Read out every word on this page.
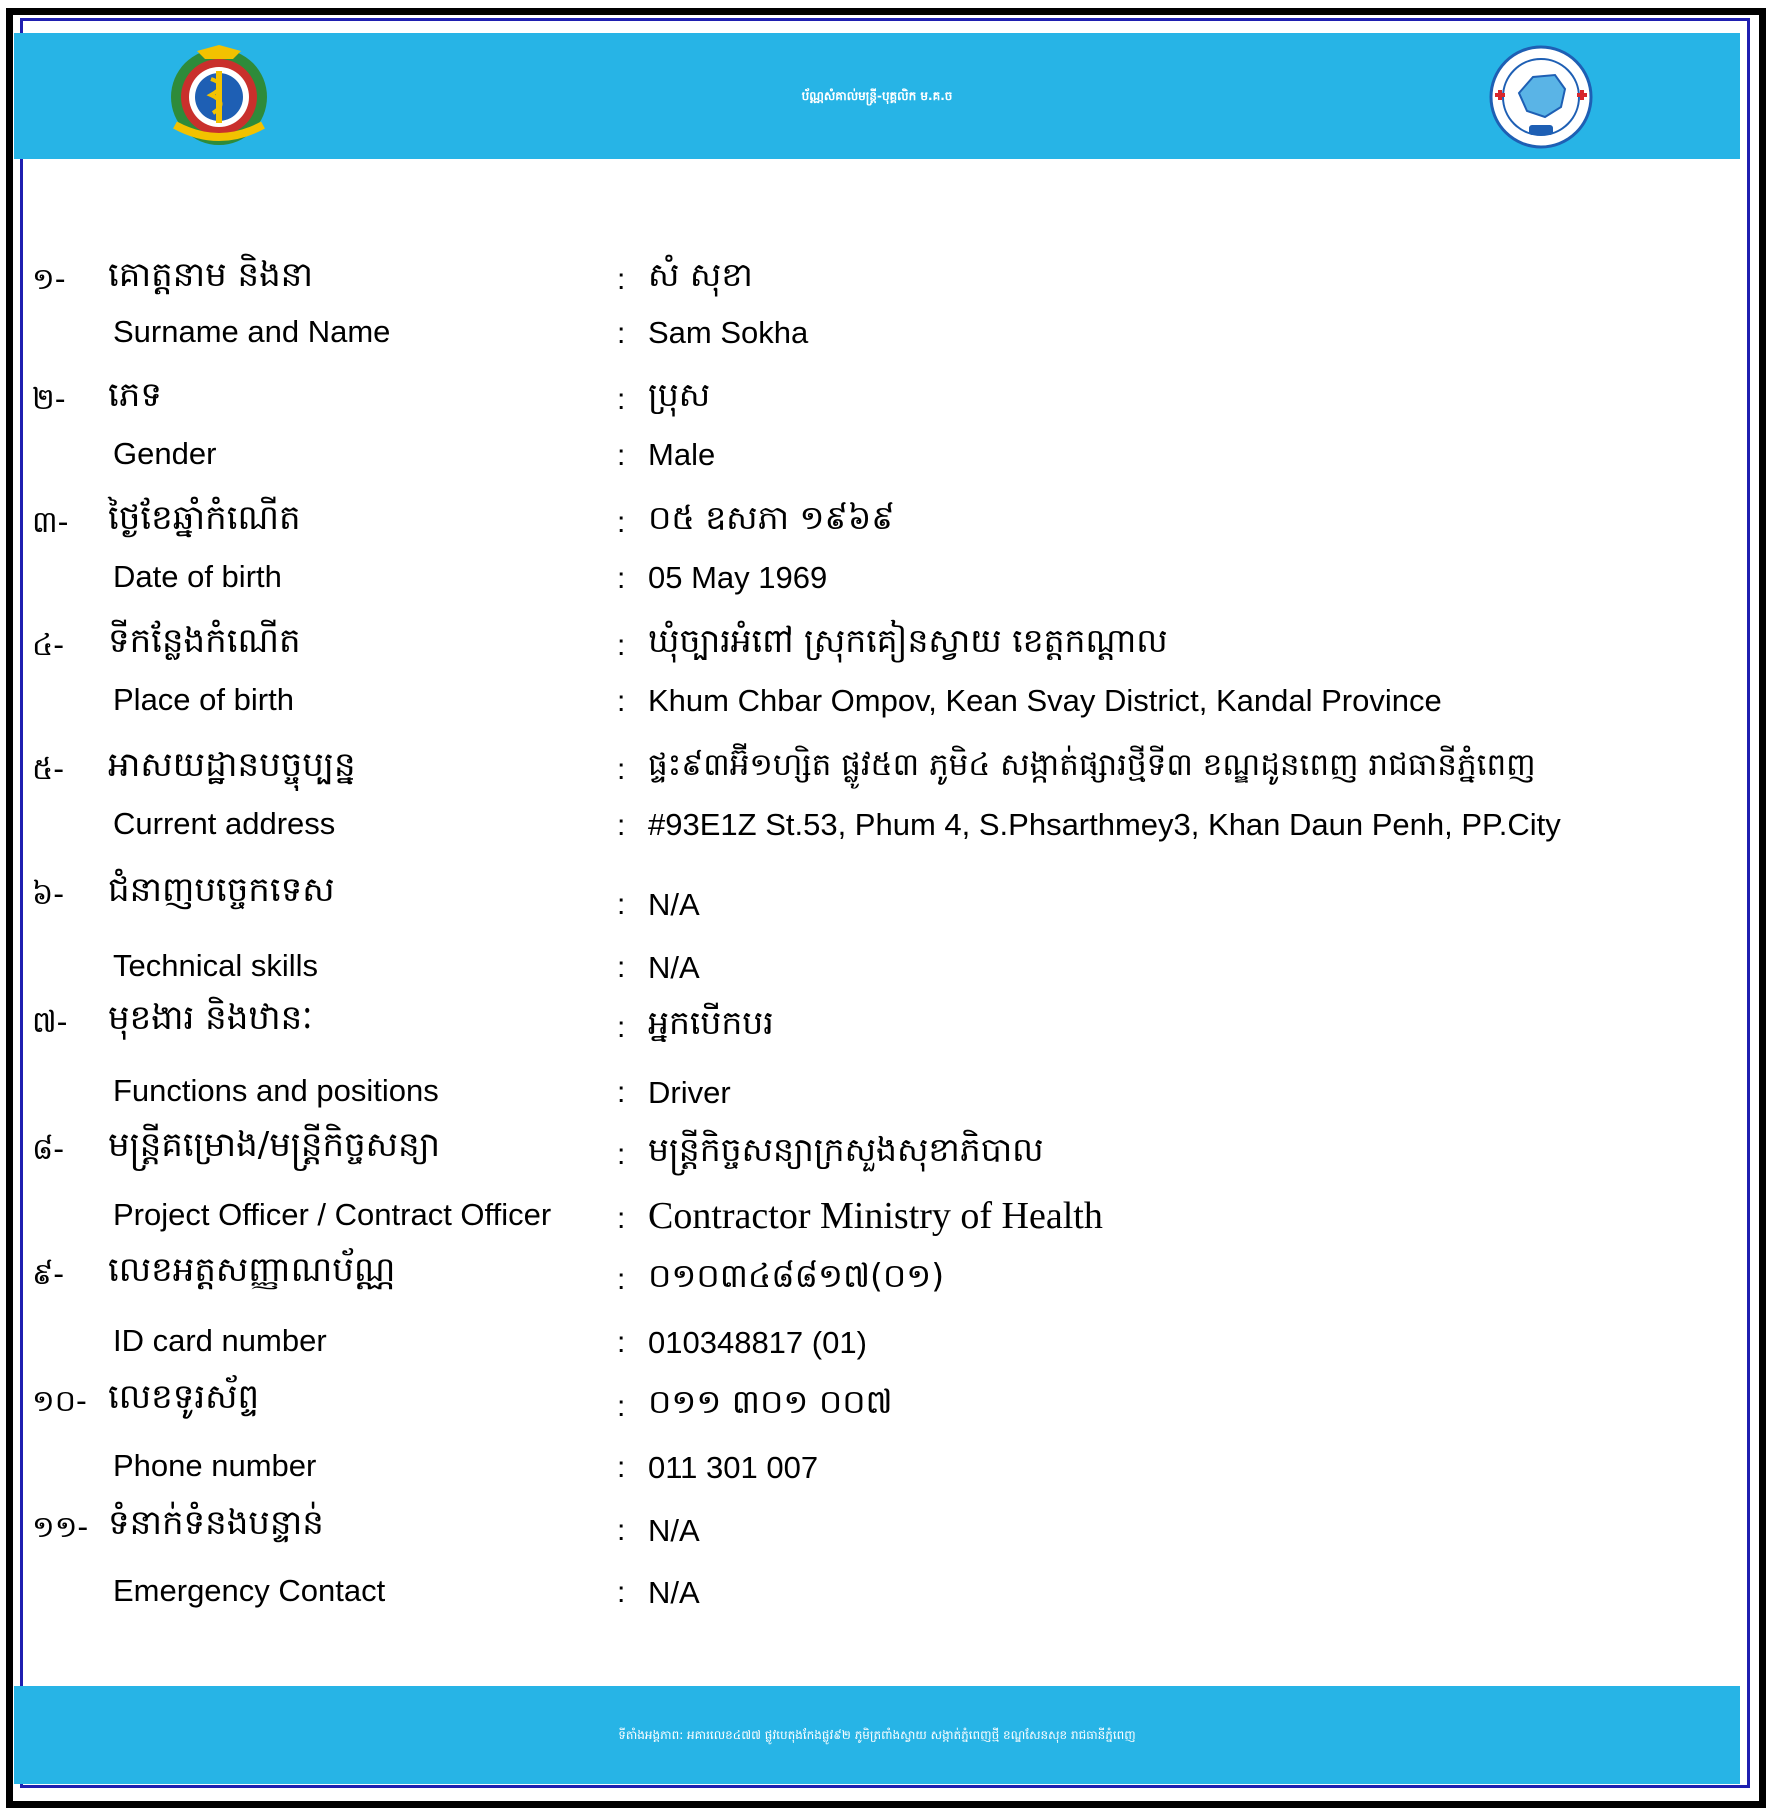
ប័ណ្ណសំគាល់មន្ត្រី-បុគ្គលិក ម.គ.ច
១- គោត្តនាម និងនា	: សំ សុខា
Surname and Name	: Sam Sokha
២- ភេទ	: ប្រុស
Gender	: Male
៣- ថ្ងៃខែឆ្នាំកំណើត	: ០៥ ឧសភា ១៩៦៩
Date of birth	: 05 May 1969
៤- ទីកន្លែងកំណើត	: ឃុំច្បារអំពៅ ស្រុកគៀនស្វាយ ខេត្តកណ្តាល
Place of birth	: Khum Chbar Ompov, Kean Svay District, Kandal Province
៥- អាសយដ្ឋានបច្ចុប្បន្ន	: ផ្ទះ៩៣អ៊ី១ហ្សិត ផ្លូវ៥៣ ភូមិ៤ សង្កាត់ផ្សារថ្មីទី៣ ខណ្ឌដូនពេញ រាជធានីភ្នំពេញ
Current address	: #93E1Z St.53, Phum 4, S.Phsarthmey3, Khan Daun Penh, PP.City
៦- ជំនាញបច្ចេកទេស	: N/A
Technical skills	: N/A
៧- មុខងារ និងឋានៈ	: អ្នកបើកបរ
Functions and positions	: Driver
៨- មន្ត្រីគម្រោង/មន្ត្រីកិច្ចសន្យា	: មន្ត្រីកិច្ចសន្យាក្រសួងសុខាភិបាល
Project Officer / Contract Officer : Contractor Ministry of Health
៩- លេខអត្តសញ្ញាណប័ណ្ណ	: ០១០៣៤៨៨១៧(០១)
ID card number	: 010348817 (01)
១០- លេខទូរស័ព្ទ	: ០១១ ៣០១ ០០៧
Phone number	: 011 301 007
១១- ទំនាក់ទំនងបន្ទាន់	: N/A
Emergency Contact	: N/A
ទីតាំងអង្គភាព: អគារលេខ៤៧៧ ផ្លូវបេតុងកែងផ្លូវ៩២ ភូមិត្រពាំងស្វាយ សង្កាត់ភ្នំពេញថ្មី ខណ្ឌសែនសុខ រាជធានីភ្នំពេញ
